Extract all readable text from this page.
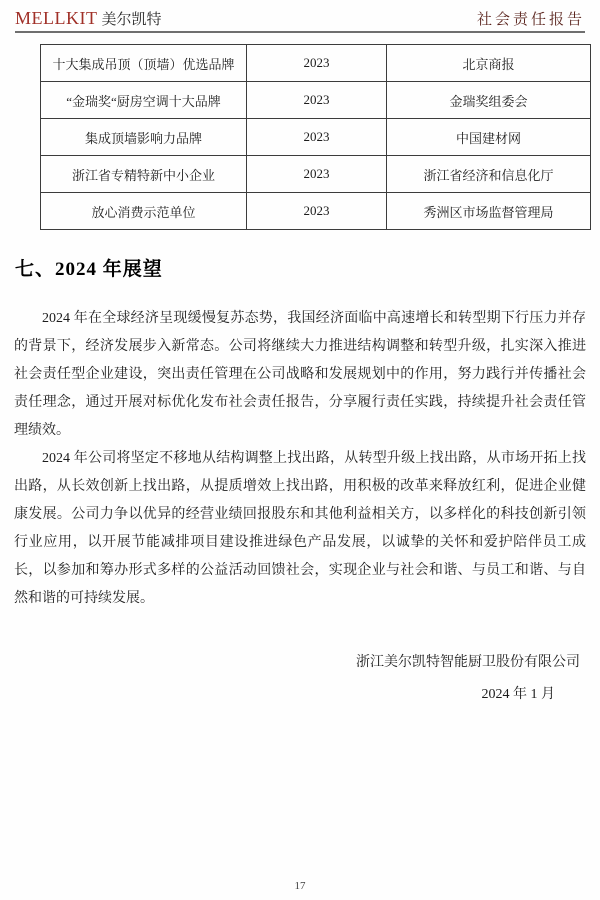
MELLKIT 美尔凯特	社会责任报告
十大集成吊顶（顶墙）优选品牌	2023	北京商报
“金瑞奖“厨房空调十大品牌	2023	金瑞奖组委会
集成顶墙影响力品牌	2023	中国建材网
浙江省专精特新中小企业	2023	浙江省经济和信息化厅
放心消费示范单位	2023	秀洲区市场监督管理局
七、2024 年展望

2024 年在全球经济呈现缓慢复苏态势，我国经济面临中高速增长和转型期下行压力并存的背景下，经济发展步入新常态。公司将继续大力推进结构调整和转型升级，扎实深入推进社会责任型企业建设，突出责任管理在公司战略和发展规划中的作用，努力践行并传播社会责任理念，通过开展对标优化发布社会责任报告，分享履行责任实践，持续提升社会责任管理绩效。

2024 年公司将坚定不移地从结构调整上找出路，从转型升级上找出路，从市场开拓上找出路，从长效创新上找出路，从提质增效上找出路，用积极的改革来释放红利，促进企业健康发展。公司力争以优异的经营业绩回报股东和其他利益相关方，以多样化的科技创新引领行业应用，以开展节能减排项目建设推进绿色产品发展，以诚挚的关怀和爱护陪伴员工成长，以参加和筹办形式多样的公益活动回馈社会，实现企业与社会和谐、与员工和谐、与自然和谐的可持续发展。

浙江美尔凯特智能厨卫股份有限公司
2024 年 1 月
17
